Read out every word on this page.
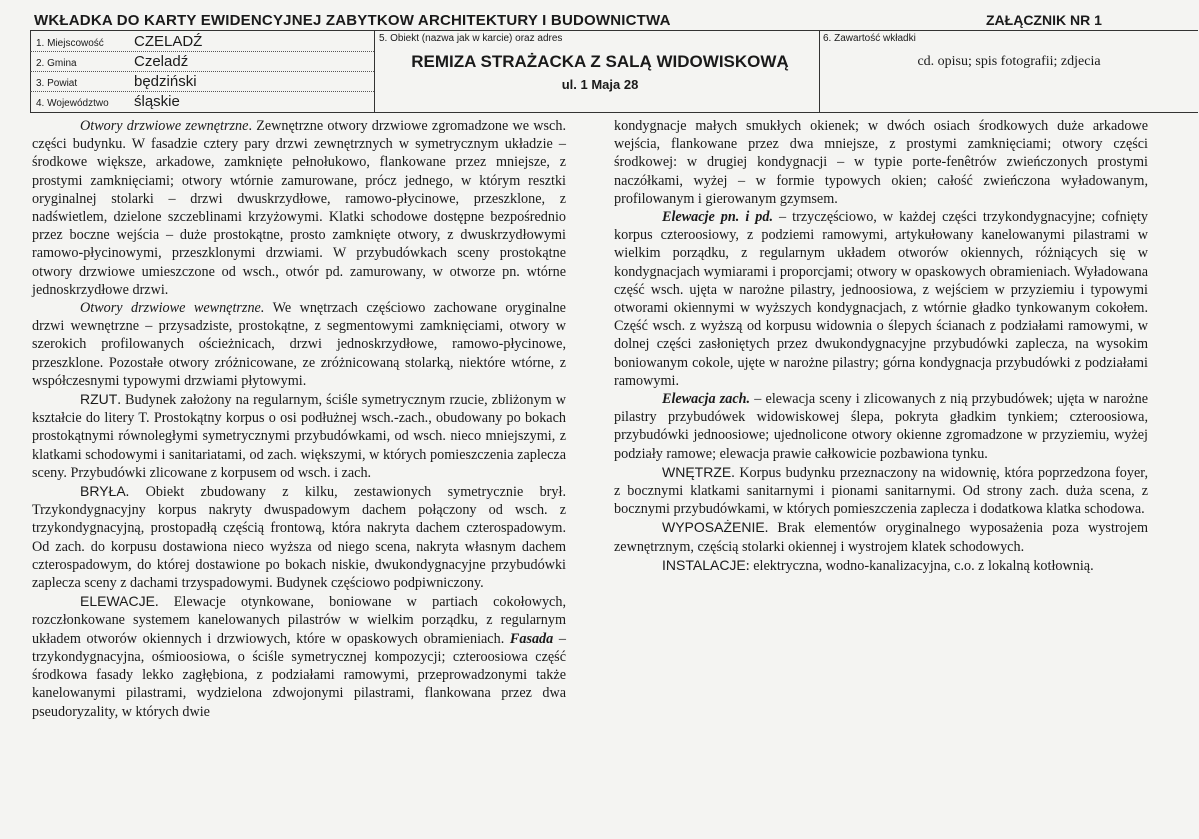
WKŁADKA DO KARTY EWIDENCYJNEJ ZABYTKOW ARCHITEKTURY I BUDOWNICTWA	ZAŁĄCZNIK NR 1
1. Miejscowość CZELADŹ
2. Gmina	Czeladź
3. Powiat	będziński
4. Województwo śląskie
5. Obiekt (nazwa jak w karcie) oraz adres
REMIZA STRAŻACKA Z SALĄ WIDOWISKOWĄ
ul. 1 Maja 28
6. Zawartość wkładki
cd. opisu; spis fotografii; zdjecia

Otwory drzwiowe zewnętrzne. Zewnętrzne otwory drzwiowe zgromadzone we wsch. części budynku. W fasadzie cztery pary drzwi zewnętrznych w symetrycznym układzie – środkowe większe, arkadowe, zamknięte pełnołukowo, flankowane przez mniejsze, z prostymi zamknięciami; otwory wtórnie zamurowane, prócz jednego, w którym resztki oryginalnej stolarki – drzwi dwuskrzydłowe, ramowo-płycinowe, przeszklone, z nadświetlem, dzielone szczeblinami krzyżowymi. Klatki schodowe dostępne bezpośrednio przez boczne wejścia – duże prostokątne, prosto zamknięte otwory, z dwuskrzydłowymi ramowo-płycinowymi, przeszklonymi drzwiami. W przybudówkach sceny prostokątne otwory drzwiowe umieszczone od wsch., otwór pd. zamurowany, w otworze pn. wtórne jednoskrzydłowe drzwi.

Otwory drzwiowe wewnętrzne. We wnętrzach częściowo zachowane oryginalne drzwi wewnętrzne – przysadziste, prostokątne, z segmentowymi zamknięciami, otwory w szerokich profilowanych ościeżnicach, drzwi jednoskrzydłowe, ramowo-płycinowe, przeszklone. Pozostałe otwory zróżnicowane, ze zróżnicowaną stolarką, niektóre wtórne, z współczesnymi typowymi drzwiami płytowymi.

RZUT. Budynek założony na regularnym, ściśle symetrycznym rzucie, zbliżonym w kształcie do litery T. Prostokątny korpus o osi podłużnej wsch.-zach., obudowany po bokach prostokątnymi równoległymi symetrycznymi przybudówkami, od wsch. nieco mniejszymi, z klatkami schodowymi i sanitariatami, od zach. większymi, w których pomieszczenia zaplecza sceny. Przybudówki zlicowane z korpusem od wsch. i zach.

BRYŁA. Obiekt zbudowany z kilku, zestawionych symetrycznie brył. Trzykondygnacyjny korpus nakryty dwuspadowym dachem połączony od wsch. z trzykondygnacyjną, prostopadłą częścią frontową, która nakryta dachem czterospadowym. Od zach. do korpusu dostawiona nieco wyższa od niego scena, nakryta własnym dachem czterospadowym, do której dostawione po bokach niskie, dwukondygnacyjne przybudówki zaplecza sceny z dachami trzyspadowymi. Budynek częściowo podpiwniczony.

ELEWACJE. Elewacje otynkowane, boniowane w partiach cokołowych, rozczłonkowane systemem kanelowanych pilastrów w wielkim porządku, z regularnym układem otworów okiennych i drzwiowych, które w opaskowych obramieniach. Fasada – trzykondygnacyjna, ośmioosiowa, o ściśle symetrycznej kompozycji; czteroosiowa część środkowa fasady lekko zagłębiona, z podziałami ramowymi, przeprowadzonymi także kanelowanymi pilastrami, wydzielona zdwojonymi pilastrami, flankowana przez dwa pseudoryzality, w których dwie

kondygnacje małych smukłych okienek; w dwóch osiach środkowych duże arkadowe wejścia, flankowane przez dwa mniejsze, z prostymi zamknięciami; otwory części środkowej: w drugiej kondygnacji – w typie porte-fenêtrów zwieńczonych prostymi naczółkami, wyżej – w formie typowych okien; całość zwieńczona wyładowanym, profilowanym i gierowanym gzymsem.

Elewacje pn. i pd. – trzyczęściowo, w każdej części trzykondygnacyjne; cofnięty korpus czteroosiowy, z podziemi ramowymi, artykułowany kanelowanymi pilastrami w wielkim porządku, z regularnym układem otworów okiennych, różniących się w kondygnacjach wymiarami i proporcjami; otwory w opaskowych obramieniach. Wyładowana część wsch. ujęta w narożne pilastry, jednoosiowa, z wejściem w przyziemiu i typowymi otworami okiennymi w wyższych kondygnacjach, z wtórnie gładko tynkowanym cokołem. Część wsch. z wyższą od korpusu widownia o ślepych ścianach z podziałami ramowymi, w dolnej części zasłoniętych przez dwukondygnacyjne przybudówki zaplecza, na wysokim boniowanym cokole, ujęte w narożne pilastry; górna kondygnacja przybudówki z podziałami ramowymi.

Elewacja zach. – elewacja sceny i zlicowanych z nią przybudówek; ujęta w narożne pilastry przybudówek widowiskowej ślepa, pokryta gładkim tynkiem; czteroosiowa, przybudówki jednoosiowe; ujednolicone otwory okienne zgromadzone w przyziemiu, wyżej podziały ramowe; elewacja prawie całkowicie pozbawiona tynku.

WNĘTRZE. Korpus budynku przeznaczony na widownię, która poprzedzona foyer, z bocznymi klatkami sanitarnymi i pionami sanitarnymi. Od strony zach. duża scena, z bocznymi przybudówkami, w których pomieszczenia zaplecza i dodatkowa klatka schodowa.

WYPOSAŻENIE. Brak elementów oryginalnego wyposażenia poza wystrojem zewnętrznym, częścią stolarki okiennej i wystrojem klatek schodowych.

INSTALACJE: elektryczna, wodno-kanalizacyjna, c.o. z lokalną kotłownią.
